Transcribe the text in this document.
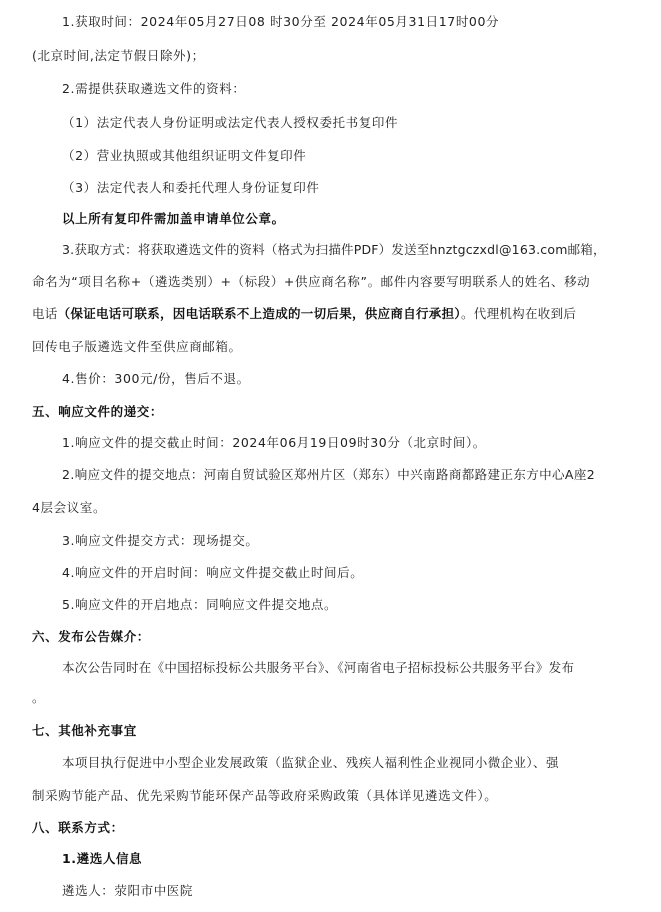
1.获取时间：2024年05月27日08 时30分至 2024年05月31日17时00分
(北京时间,法定节假日除外)；
2.需提供获取遴选文件的资料：
（1）法定代表人身份证明或法定代表人授权委托书复印件
（2）营业执照或其他组织证明文件复印件
（3）法定代表人和委托代理人身份证复印件
以上所有复印件需加盖申请单位公章。
3.获取方式：将获取遴选文件的资料（格式为扫描件PDF）发送至hnztgczxdl@163.com邮箱，
命名为“项目名称+（遴选类别）+（标段）+供应商名称”。邮件内容要写明联系人的姓名、移动
电话（保证电话可联系，因电话联系不上造成的一切后果，供应商自行承担）。代理机构在收到后
回传电子版遴选文件至供应商邮箱。
4.售价：300元/份，售后不退。
五、响应文件的递交：
1.响应文件的提交截止时间：2024年06月19日09时30分（北京时间）。
2.响应文件的提交地点：河南自贸试验区郑州片区（郑东）中兴南路商都路建正东方中心A座2
4层会议室。
3.响应文件提交方式：现场提交。
4.响应文件的开启时间：响应文件提交截止时间后。
5.响应文件的开启地点：同响应文件提交地点。
六、发布公告媒介：
本次公告同时在《中国招标投标公共服务平台》、《河南省电子招标投标公共服务平台》发布
。
七、其他补充事宜
本项目执行促进中小型企业发展政策（监狱企业、残疾人福利性企业视同小微企业）、强
制采购节能产品、优先采购节能环保产品等政府采购政策（具体详见遴选文件）。
八、联系方式：
1.遴选人信息
遴选人：荥阳市中医院
